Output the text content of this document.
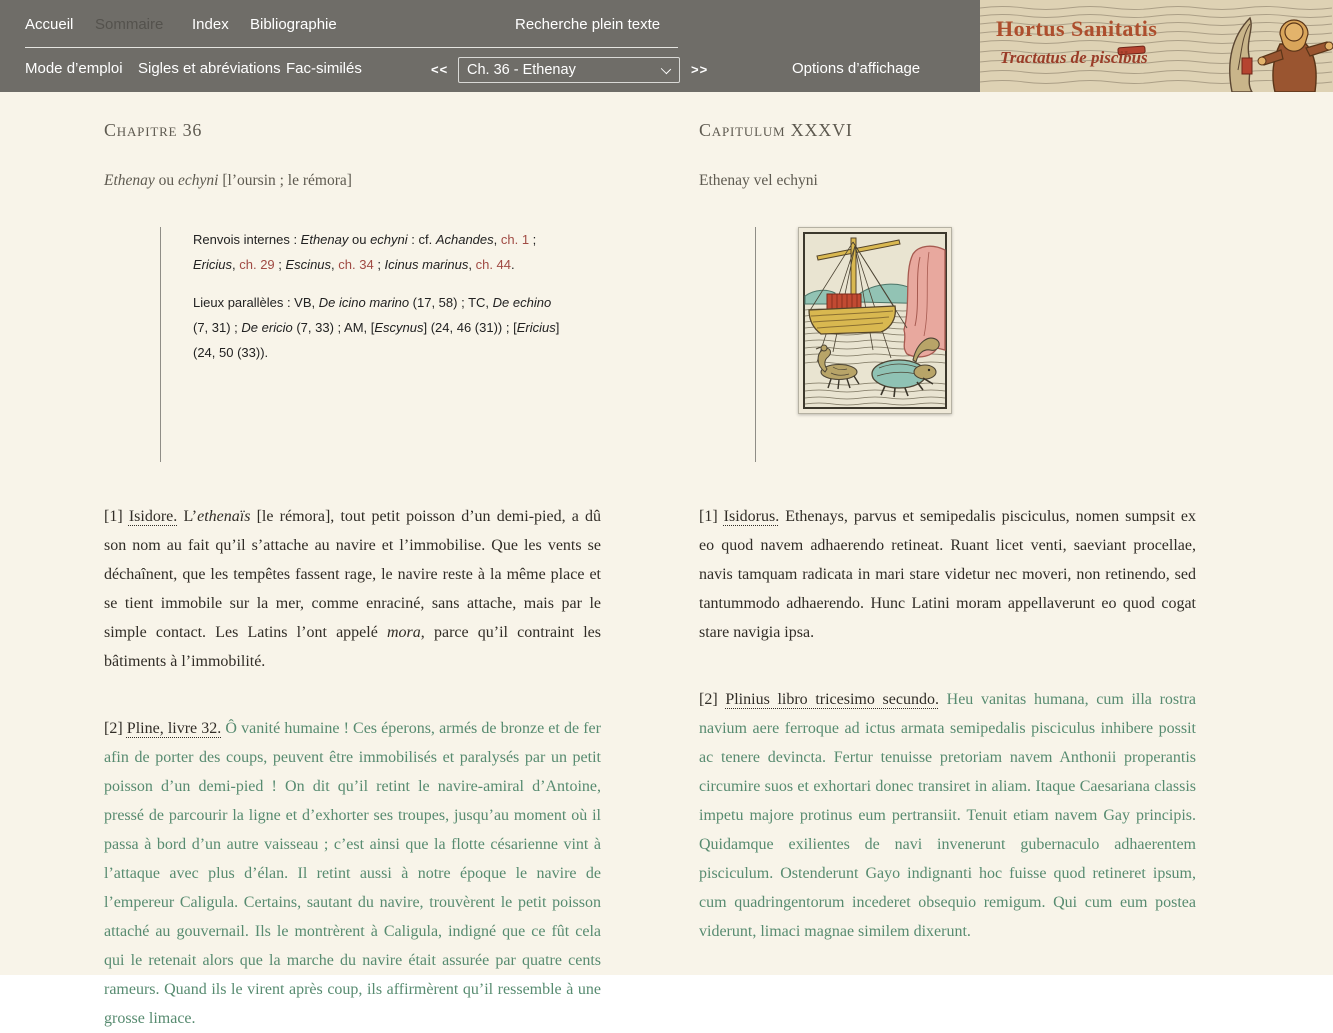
Accueil Sommaire Index Bibliographie	Recherche plein texte
Mode d’emploi Sigles et abréviations Fac-similés	<<
Ch. 36 - Ethenay	>>	Options d’affichage
Hortus Sanitatis
Tractatus de piscibus
Chapitre 36
Ethenay ou echyni [l’oursin ; le rémora]

Renvois internes : Ethenay ou echyni : cf. Achandes, ch. 1 ; Ericius, ch. 29 ; Escinus, ch. 34 ; Icinus marinus, ch. 44.

Lieux parallèles : VB, De icino marino (17, 58) ; TC, De echino (7, 31) ; De ericio (7, 33) ; AM, [Escynus] (24, 46 (31)) ; [Ericius] (24, 50 (33)).

[1] Isidore. L’ethenaïs [le rémora], tout petit poisson d’un demi-pied, a dû son nom au fait qu’il s’attache au navire et l’immobilise. Que les vents se déchaînent, que les tempêtes fassent rage, le navire reste à la même place et se tient immobile sur la mer, comme enraciné, sans attache, mais par le simple contact. Les Latins l’ont appelé mora, parce qu’il contraint les bâtiments à l’immobilité.

[2] Pline, livre 32. Ô vanité humaine ! Ces éperons, armés de bronze et de fer afin de porter des coups, peuvent être immobilisés et paralysés par un petit poisson d’un demi-pied ! On dit qu’il retint le navire-amiral d’Antoine, pressé de parcourir la ligne et d’exhorter ses troupes, jusqu’au moment où il passa à bord d’un autre vaisseau ; c’est ainsi que la flotte césarienne vint à l’attaque avec plus d’élan. Il retint aussi à notre époque le navire de l’empereur Caligula. Certains, sautant du navire, trouvèrent le petit poisson attaché au gouvernail. Ils le montrèrent à Caligula, indigné que ce fût cela qui le retenait alors que la marche du navire était assurée par quatre cents rameurs. Quand ils le virent après coup, ils affirmèrent qu’il ressemble à une grosse limace.

Capitulum XXXVI
Ethenay vel echyni

[1] Isidorus. Ethenays, parvus et semipedalis pisciculus, nomen sumpsit ex eo quod navem adhaerendo retineat. Ruant licet venti, saeviant procellae, navis tamquam radicata in mari stare videtur nec moveri, non retinendo, sed tantummodo adhaerendo. Hunc Latini moram appellaverunt eo quod cogat stare navigia ipsa.

[2] Plinius libro tricesimo secundo. Heu vanitas humana, cum illa rostra navium aere ferroque ad ictus armata semipedalis pisciculus inhibere possit ac tenere devincta. Fertur tenuisse pretoriam navem Anthonii properantis circumire suos et exhortari donec transiret in aliam. Itaque Caesariana classis impetu majore protinus eum pertransiit. Tenuit etiam navem Gay principis. Quidamque exilientes de navi invenerunt gubernaculo adhaerentem pisciculum. Ostenderunt Gayo indignanti hoc fuisse quod retineret ipsum, cum quadringentorum incederet obsequio remigum. Qui cum eum postea viderunt, limaci magnae similem dixerunt.
